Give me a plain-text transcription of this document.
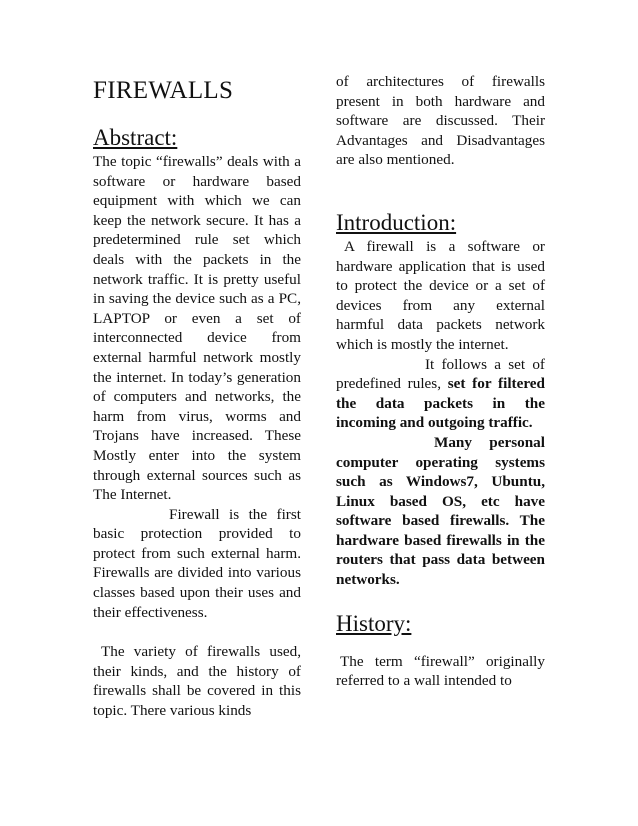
FIREWALLS
Abstract:

The topic “firewalls” deals with a software or hardware based equipment with which we can keep the network secure. It has a predetermined rule set which deals with the packets in the network traffic. It is pretty useful in saving the device such as a PC, LAPTOP or even a set of interconnected device from external harmful network mostly the internet. In today’s generation of computers and networks, the harm from virus, worms and Trojans have increased. These Mostly enter into the system through external sources such as The Internet.

Firewall is the first basic protection provided to protect from such external harm. Firewalls are divided into various classes based upon their uses and their effectiveness.

The variety of firewalls used, their kinds, and the history of firewalls shall be covered in this topic. There various kinds

of architectures of firewalls present in both hardware and software are discussed. Their Advantages and Disadvantages are also mentioned.

Introduction:

A firewall is a software or hardware application that is used to protect the device or a set of devices from any external harmful data packets network which is mostly the internet.

It follows a set of predefined rules, set for filtered the data packets in the incoming and outgoing traffic.

Many personal computer operating systems such as Windows7, Ubuntu, Linux based OS, etc have software based firewalls. The hardware based firewalls in the routers that pass data between networks.

History:

The term “firewall” originally referred to a wall intended to
